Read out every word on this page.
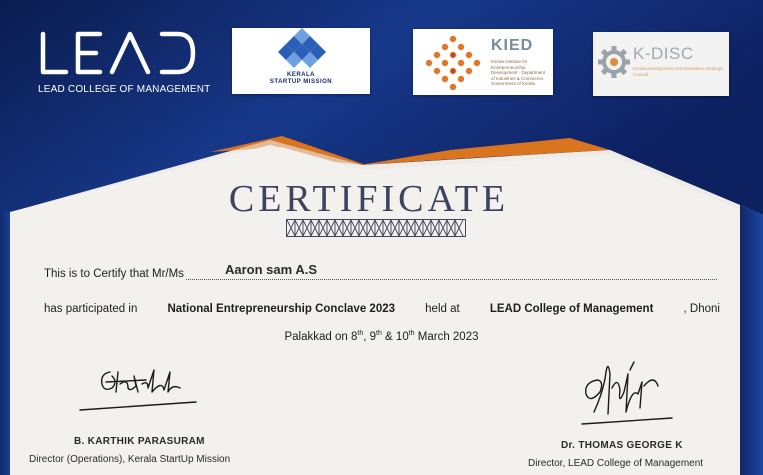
LEAD COLLEGE OF MANAGEMENT
KERALA
STARTUP MISSION
KIED
Kerala Institute for Entrepreneurship Development · Department of Industries & Commerce, Government of Kerala
K-DISC
Kerala Development and Innovation Strategic Council
CERTIFICATE
This is to Certify that Mr/Ms	Aaron sam A.S
has participated in	National Entrepreneurship Conclave 2023	held at	LEAD College of Management	, Dhoni
Palakkad on 8th, 9th & 10th March 2023
B. KARTHIK PARASURAM
Director (Operations), Kerala StartUp Mission
Dr. THOMAS GEORGE K
Director, LEAD College of Management
